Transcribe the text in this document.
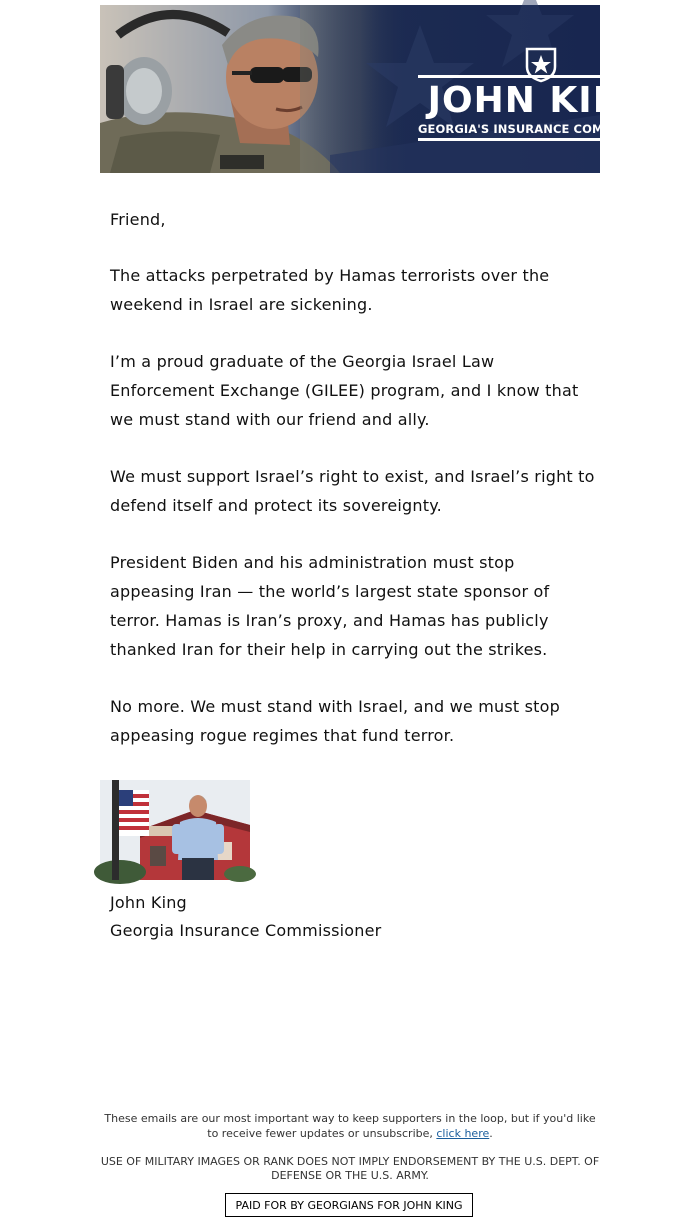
JOHN KING
GEORGIA'S INSURANCE COMMISSIONER

Friend,

The attacks perpetrated by Hamas terrorists over the weekend in Israel are sickening.

I’m a proud graduate of the Georgia Israel Law Enforcement Exchange (GILEE) program, and I know that we must stand with our friend and ally.

We must support Israel’s right to exist, and Israel’s right to defend itself and protect its sovereignty.

President Biden and his administration must stop appeasing Iran — the world’s largest state sponsor of terror. Hamas is Iran’s proxy, and Hamas has publicly thanked Iran for their help in carrying out the strikes.

No more. We must stand with Israel, and we must stop appeasing rogue regimes that fund terror.

John King
Georgia Insurance Commissioner
These emails are our most important way to keep supporters in the loop, but if you'd like to receive fewer updates or unsubscribe, click here.
USE OF MILITARY IMAGES OR RANK DOES NOT IMPLY ENDORSEMENT BY THE U.S. DEPT. OF DEFENSE OR THE U.S. ARMY.
PAID FOR BY GEORGIANS FOR JOHN KING
